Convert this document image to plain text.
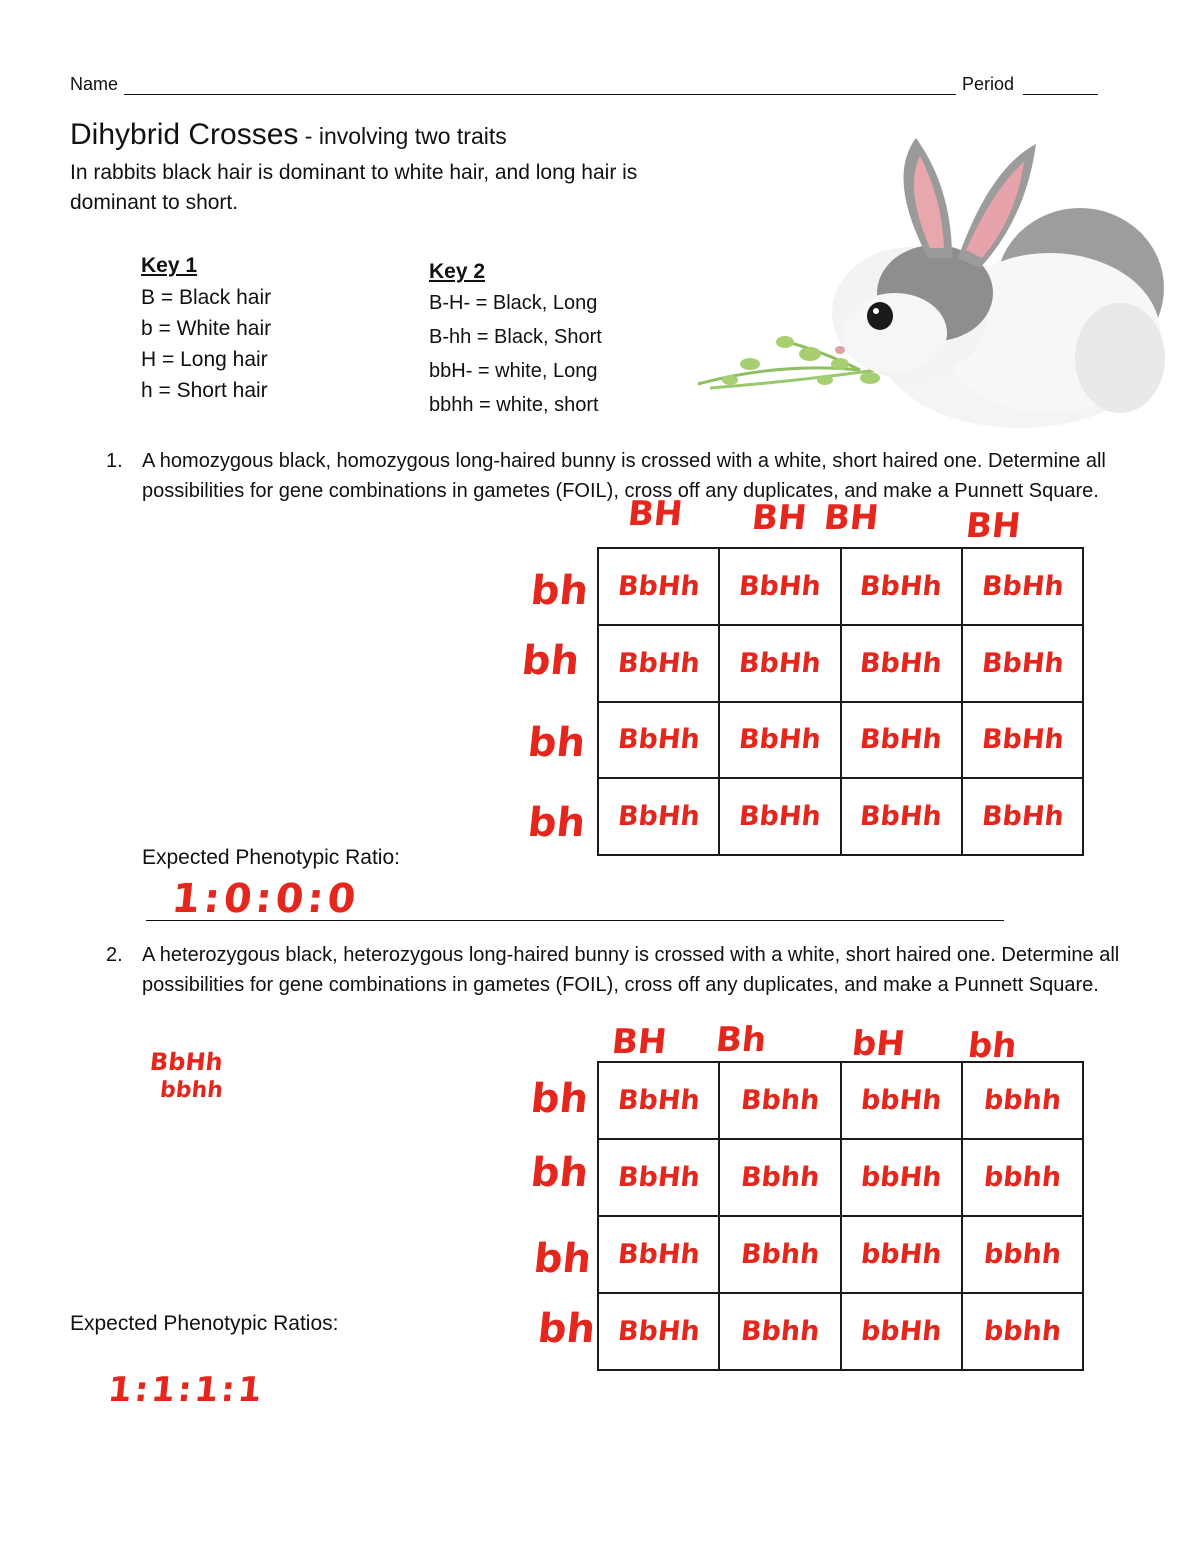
Name	Period
Dihybrid Crosses - involving two traits
In rabbits black hair is dominant to white hair, and long hair is dominant to short.
Key 1
B = Black hair
b = White hair
H = Long hair
h = Short hair
Key 2
B-H- = Black, Long
B-hh = Black, Short
bbH- = white, Long
bbhh = white, short
1. A homozygous black, homozygous long-haired bunny is crossed with a white, short haired one. Determine all possibilities for gene combinations in gametes (FOIL), cross off any duplicates, and make a Punnett Square.
BH BH BH BH
bh
bh
bh
bh
BbHh	BbHh	BbHh	BbHh
BbHh	BbHh	BbHh	BbHh
BbHh	BbHh	BbHh	BbHh
BbHh	BbHh	BbHh	BbHh
Expected Phenotypic Ratio:
1:0:0:0
2. A heterozygous black, heterozygous long-haired bunny is crossed with a white, short haired one. Determine all possibilities for gene combinations in gametes (FOIL), cross off any duplicates, and make a Punnett Square.
BbHh
bbhh
BH Bh bH bh
bh
bh
bh
bh
BbHh	Bbhh	bbHh	bbhh
BbHh	Bbhh	bbHh	bbhh
BbHh	Bbhh	bbHh	bbhh
BbHh	Bbhh	bbHh	bbhh
Expected Phenotypic Ratios:
1:1:1:1
